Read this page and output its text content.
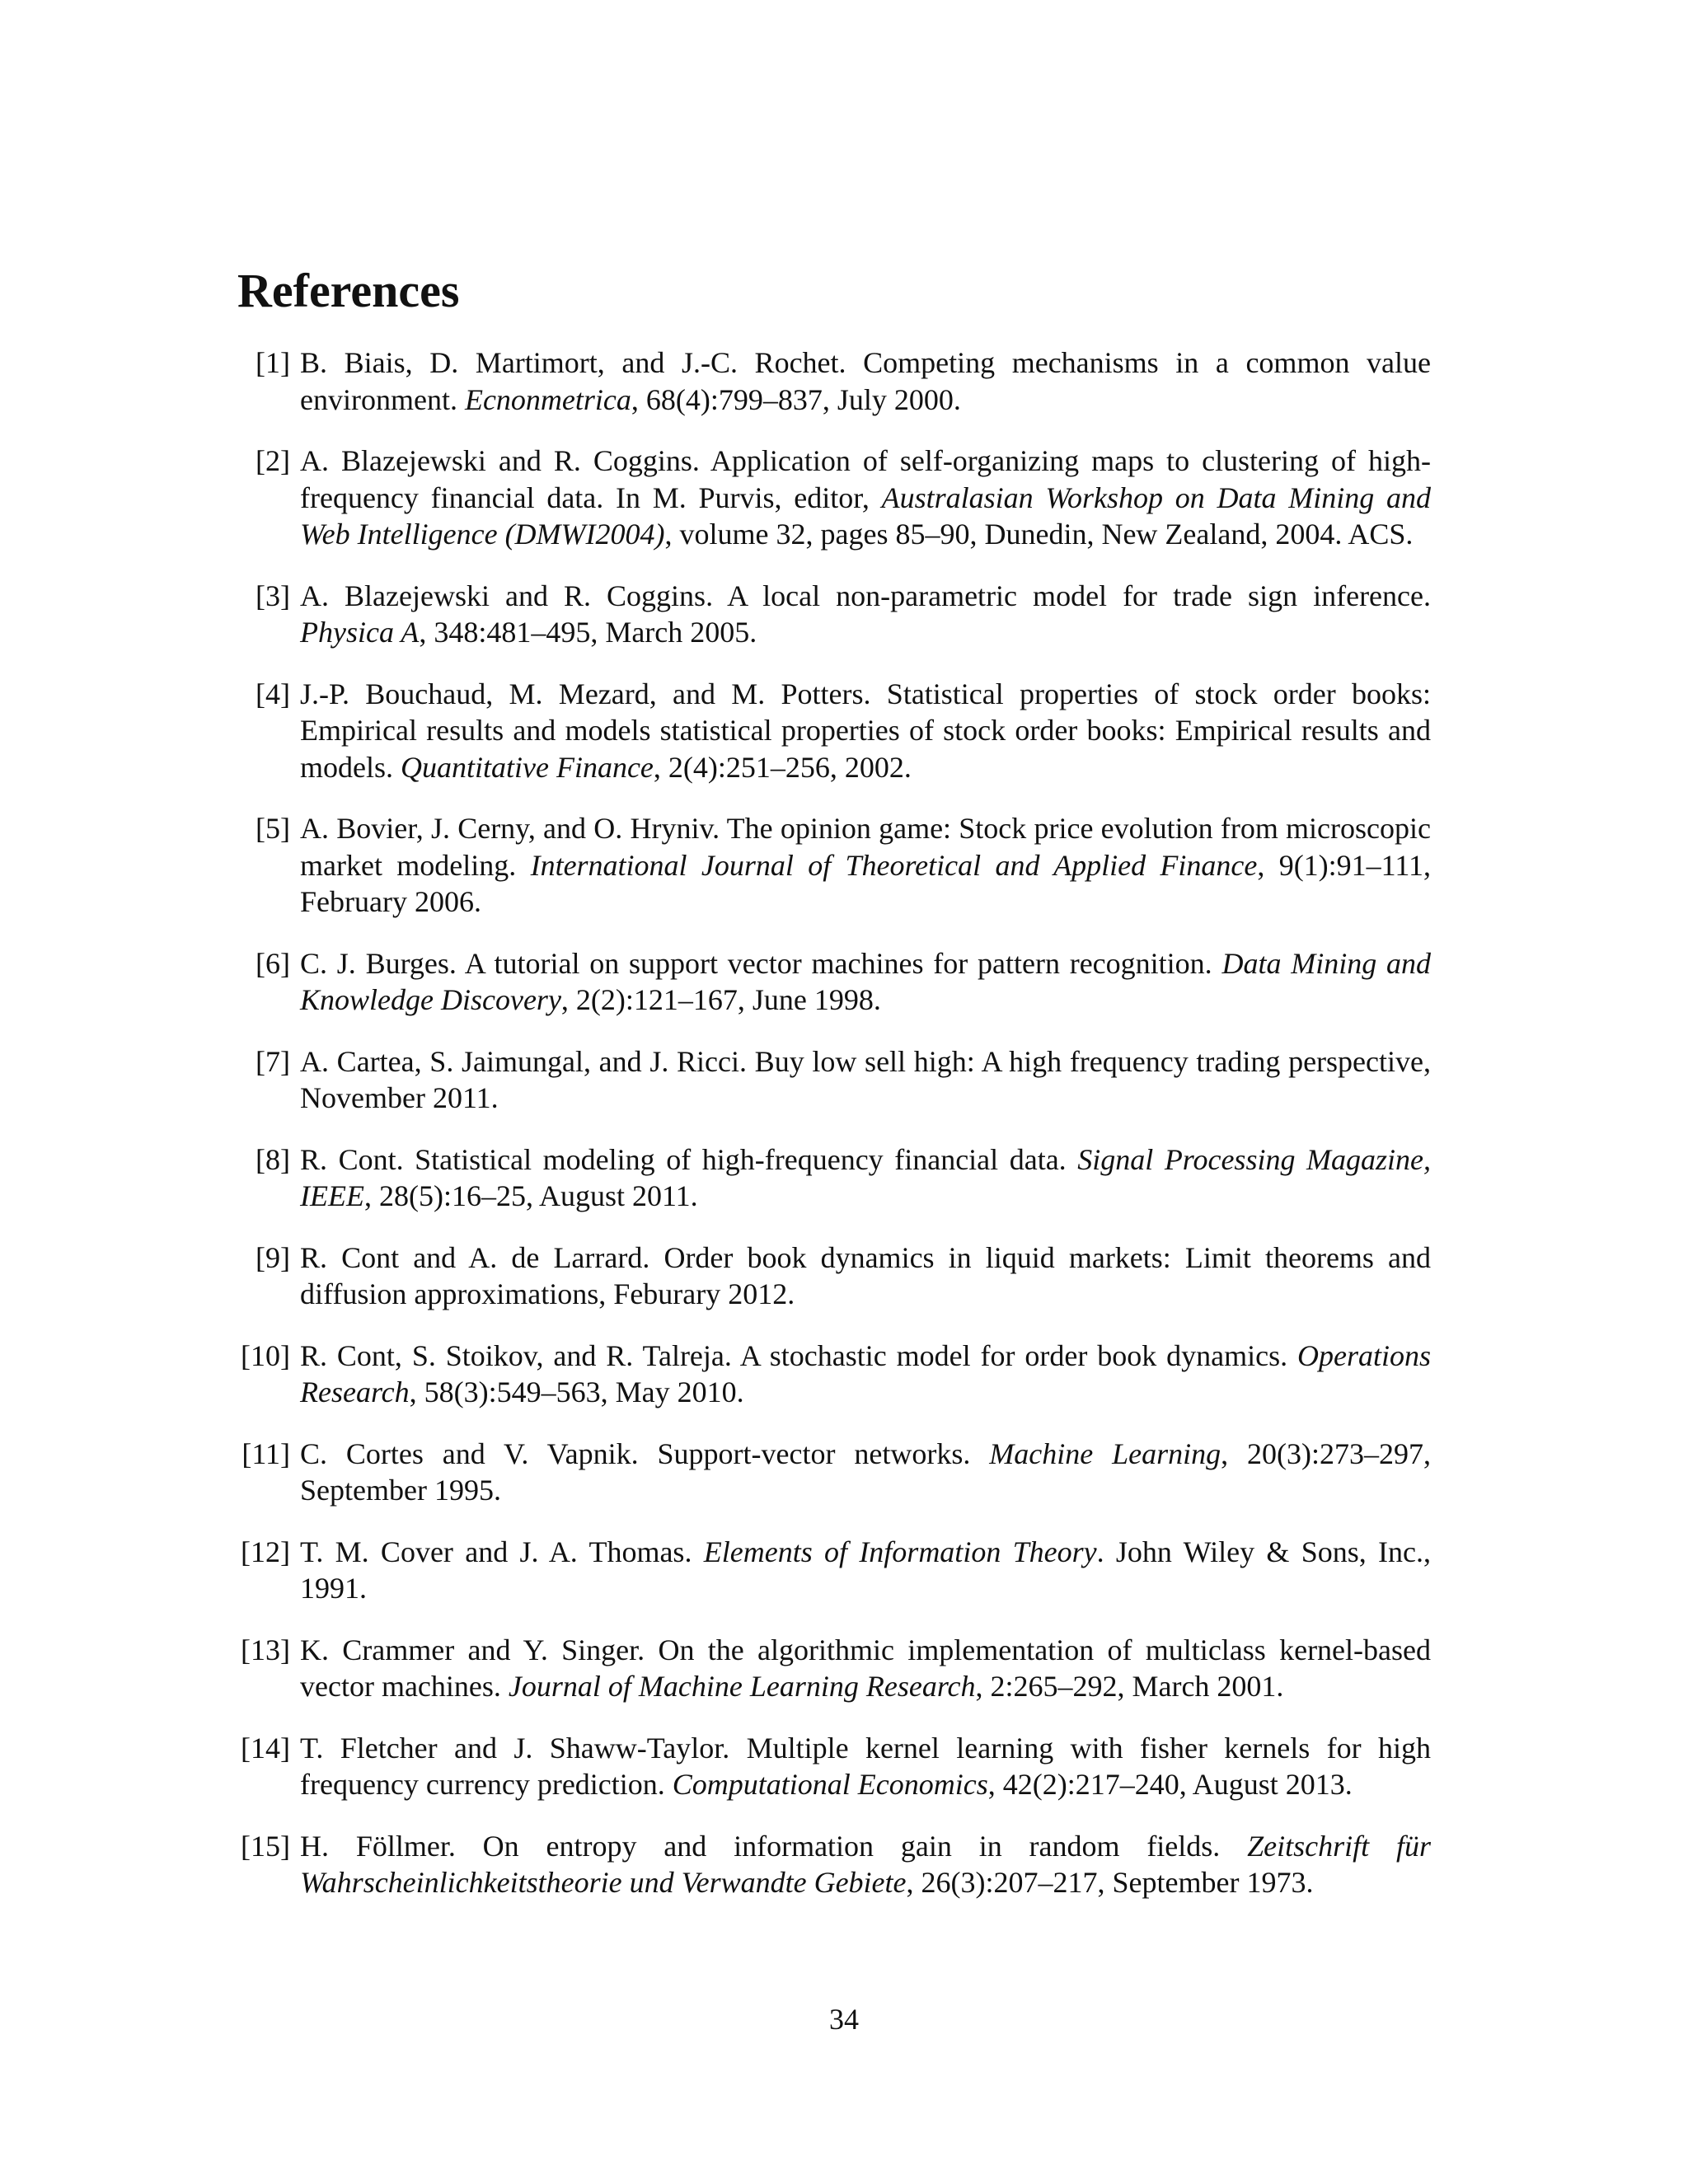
References
[1] B. Biais, D. Martimort, and J.-C. Rochet. Competing mechanisms in a common value environment. Ecnonmetrica, 68(4):799–837, July 2000.
[2] A. Blazejewski and R. Coggins. Application of self-organizing maps to clustering of high-frequency financial data. In M. Purvis, editor, Australasian Workshop on Data Mining and Web Intelligence (DMWI2004), volume 32, pages 85–90, Dunedin, New Zealand, 2004. ACS.
[3] A. Blazejewski and R. Coggins. A local non-parametric model for trade sign inference. Physica A, 348:481–495, March 2005.
[4] J.-P. Bouchaud, M. Mezard, and M. Potters. Statistical properties of stock order books: Empirical results and models statistical properties of stock order books: Empirical results and models. Quantitative Finance, 2(4):251–256, 2002.
[5] A. Bovier, J. Cerny, and O. Hryniv. The opinion game: Stock price evolution from microscopic market modeling. International Journal of Theoretical and Applied Finance, 9(1):91–111, February 2006.
[6] C. J. Burges. A tutorial on support vector machines for pattern recognition. Data Mining and Knowledge Discovery, 2(2):121–167, June 1998.
[7] A. Cartea, S. Jaimungal, and J. Ricci. Buy low sell high: A high frequency trading perspective, November 2011.
[8] R. Cont. Statistical modeling of high-frequency financial data. Signal Processing Magazine, IEEE, 28(5):16–25, August 2011.
[9] R. Cont and A. de Larrard. Order book dynamics in liquid markets: Limit theorems and diffusion approximations, Feburary 2012.
[10] R. Cont, S. Stoikov, and R. Talreja. A stochastic model for order book dynamics. Operations Research, 58(3):549–563, May 2010.
[11] C. Cortes and V. Vapnik. Support-vector networks. Machine Learning, 20(3):273–297, September 1995.
[12] T. M. Cover and J. A. Thomas. Elements of Information Theory. John Wiley & Sons, Inc., 1991.
[13] K. Crammer and Y. Singer. On the algorithmic implementation of multiclass kernel-based vector machines. Journal of Machine Learning Research, 2:265–292, March 2001.
[14] T. Fletcher and J. Shaww-Taylor. Multiple kernel learning with fisher kernels for high frequency currency prediction. Computational Economics, 42(2):217–240, August 2013.
[15] H. Föllmer. On entropy and information gain in random fields. Zeitschrift für Wahrscheinlichkeitstheorie und Verwandte Gebiete, 26(3):207–217, September 1973.
34
